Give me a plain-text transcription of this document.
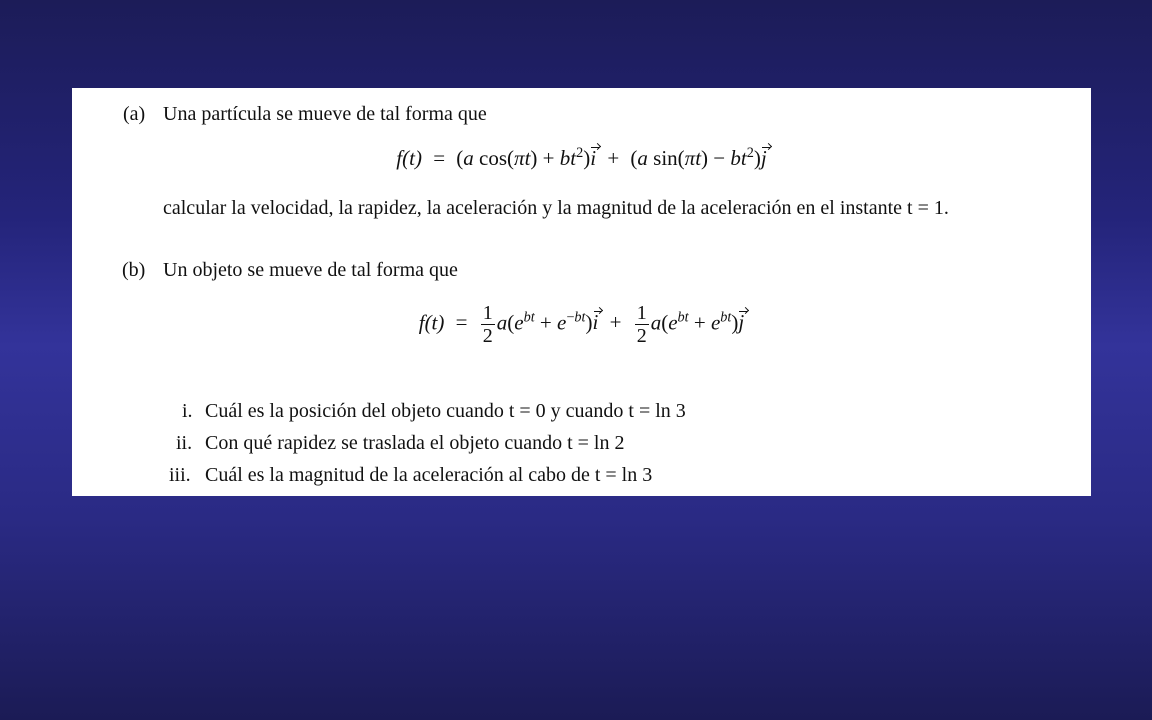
(a) Una partícula se mueve de tal forma que
f(t) = (a $\cos(\pi t) + bt^2)i + (a$ $\sin(\pi t) - bt^2)j$
calcular la velocidad, la rapidez, la aceleración y la magnitud de la aceleración en el instante t = 1.
(b) Un objeto se mueve de tal forma que
$f(t) = \frac{1}{2} a(e^{bt} + e^{-bt})i + \frac{1}{2} a(e^{bt} + e^{bt})j$
i. Cuál es la posición del objeto cuando t = 0 y cuando t = ln 3
ii. Con qué rapidez se traslada el objeto cuando t = ln 2
iii. Cuál es la magnitud de la aceleración al cabo de t = ln 3
